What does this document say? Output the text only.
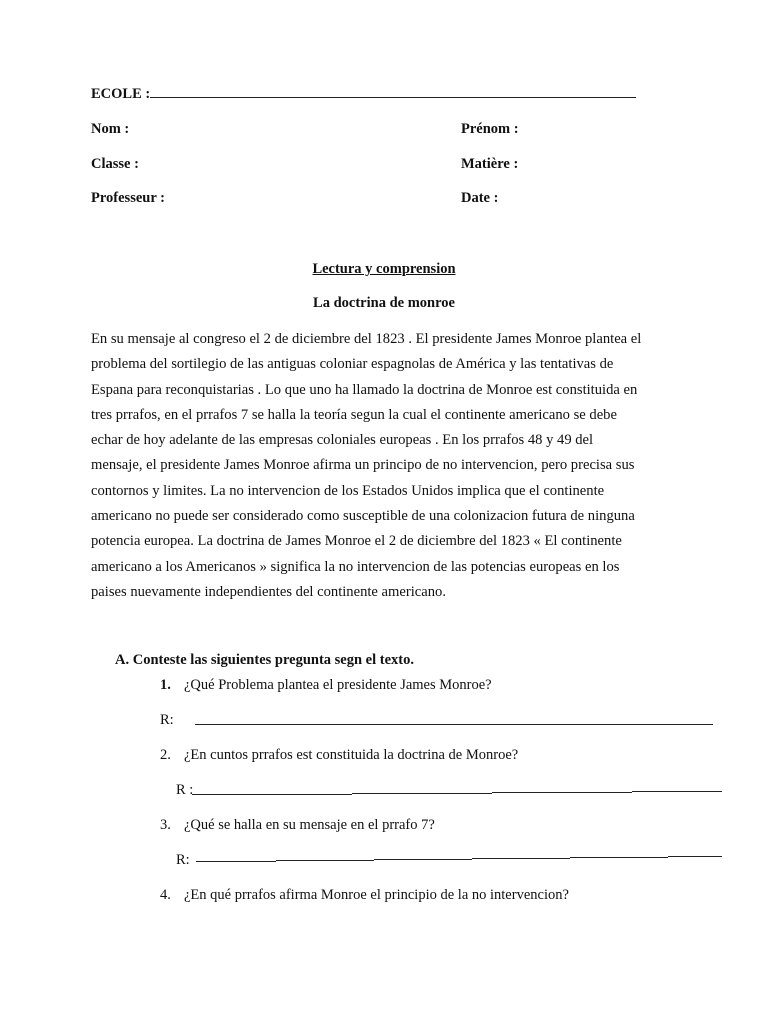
ECOLE :
Nom :	Prénom :
Classe :	Matière :
Professeur :	Date :
Lectura y comprension
La doctrina de monroe
En su mensaje al congreso el 2 de diciembre del 1823 . El presidente James Monroe plantea el
problema del sortilegio de las antiguas coloniar espagnolas de América y las tentativas de
Espana para reconquistarias . Lo que uno ha llamado la doctrina de Monroe est constituida en
tres prrafos, en el prrafos 7 se halla la teoría segun la cual el continente americano se debe
echar de hoy adelante de las empresas coloniales europeas . En los prrafos 48 y 49 del
mensaje, el presidente James Monroe afirma un principo de no intervencion, pero precisa sus
contornos y limites. La no intervencion de los Estados Unidos implica que el continente
americano no puede ser considerado como susceptible de una colonizacion futura de ninguna
potencia europea. La doctrina de James Monroe el 2 de diciembre del 1823 « El continente
americano a los Americanos » significa la no intervencion de las potencias europeas en los
paises nuevamente independientes del continente americano.
A. Conteste las siguientes pregunta segn el texto.
1. ¿Qué Problema plantea el presidente James Monroe?
R:
2. ¿En cuntos prrafos est constituida la doctrina de Monroe?
R :
3. ¿Qué se halla en su mensaje en el prrafo 7?
R:
4. ¿En qué prrafos afirma Monroe el principio de la no intervencion?
